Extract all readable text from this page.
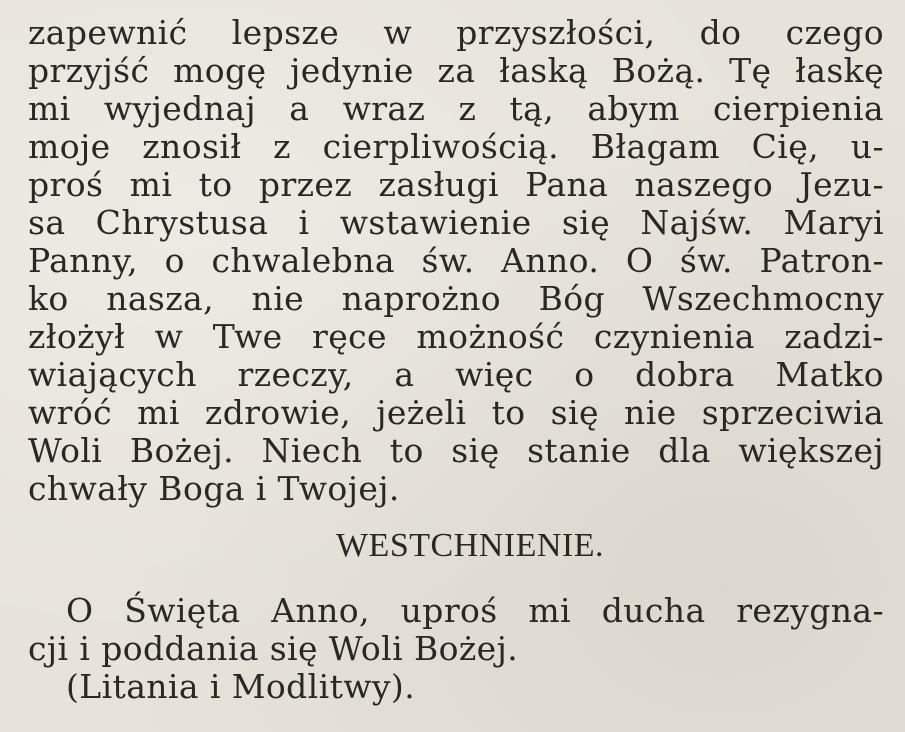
zapewnić lepsze w przyszłości, do czego
przyjść mogę jedynie za łaską Bożą. Tę łaskę
mi wyjednaj a wraz z tą, abym cierpienia
moje znosił z cierpliwością. Błagam Cię, u-
proś mi to przez zasługi Pana naszego Jezu-
sa Chrystusa i wstawienie się Najśw. Maryi
Panny, o chwalebna św. Anno. O św. Patron-
ko nasza, nie naprożno Bóg Wszechmocny
złożył w Twe ręce możność czynienia zadzi-
wiających rzeczy, a więc o dobra Matko
wróć mi zdrowie, jeżeli to się nie sprzeciwia
Woli Bożej. Niech to się stanie dla większej
chwały Boga i Twojej.

WESTCHNIENIE.

O Święta Anno, uproś mi ducha rezygna-
cji i poddania się Woli Bożej.
(Litania i Modlitwy).
